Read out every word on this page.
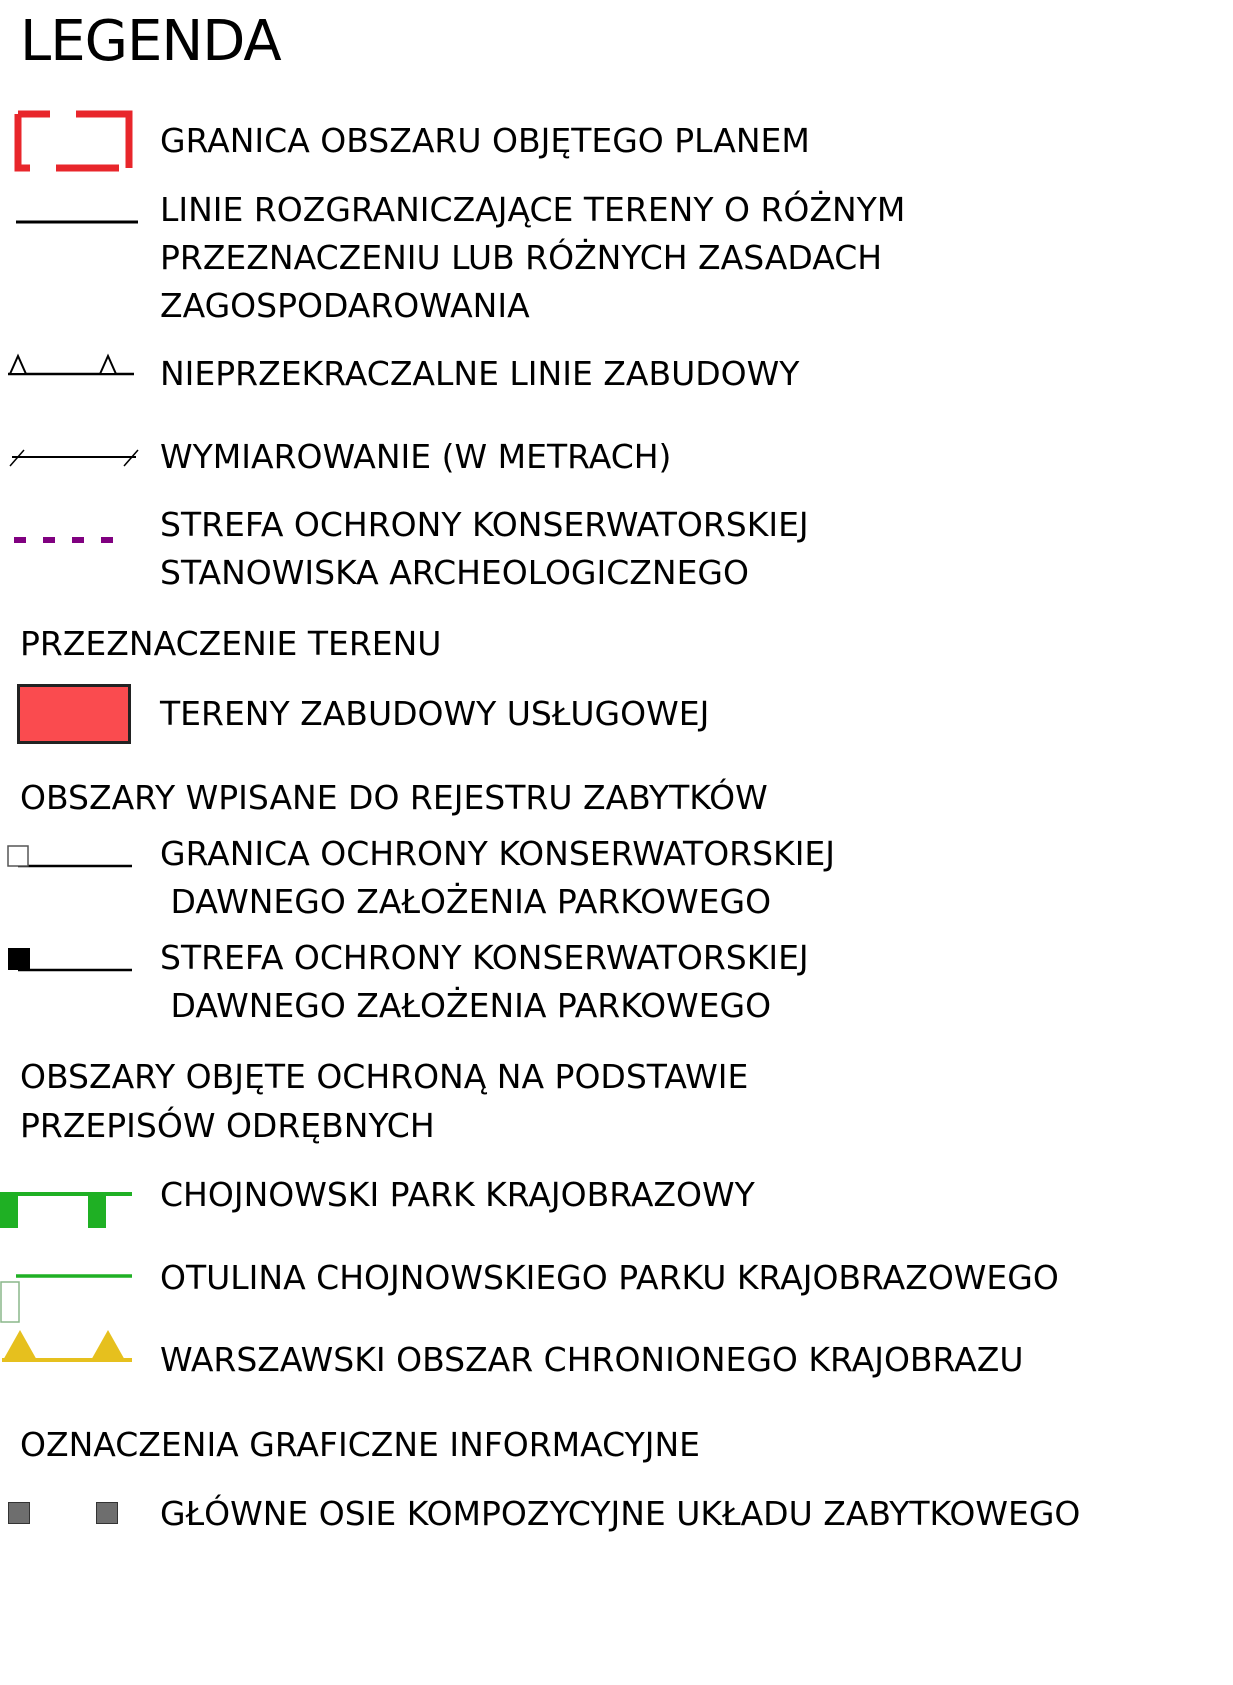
LEGENDA
GRANICA OBSZARU OBJĘTEGO PLANEM
LINIE ROZGRANICZAJĄCE TERENY O RÓŻNYM
PRZEZNACZENIU LUB RÓŻNYCH ZASADACH
ZAGOSPODAROWANIA
NIEPRZEKRACZALNE LINIE ZABUDOWY
WYMIAROWANIE (W METRACH)
STREFA OCHRONY KONSERWATORSKIEJ
STANOWISKA ARCHEOLOGICZNEGO
PRZEZNACZENIE TERENU
TERENY ZABUDOWY USŁUGOWEJ
OBSZARY WPISANE DO REJESTRU ZABYTKÓW
GRANICA OCHRONY KONSERWATORSKIEJ
DAWNEGO ZAŁOŻENIA PARKOWEGO
STREFA OCHRONY KONSERWATORSKIEJ
DAWNEGO ZAŁOŻENIA PARKOWEGO
OBSZARY OBJĘTE OCHRONĄ NA PODSTAWIE
PRZEPISÓW ODRĘBNYCH
CHOJNOWSKI PARK KRAJOBRAZOWY
OTULINA CHOJNOWSKIEGO PARKU KRAJOBRAZOWEGO
WARSZAWSKI OBSZAR CHRONIONEGO KRAJOBRAZU
OZNACZENIA GRAFICZNE INFORMACYJNE
GŁÓWNE OSIE KOMPOZYCYJNE UKŁADU ZABYTKOWEGO
